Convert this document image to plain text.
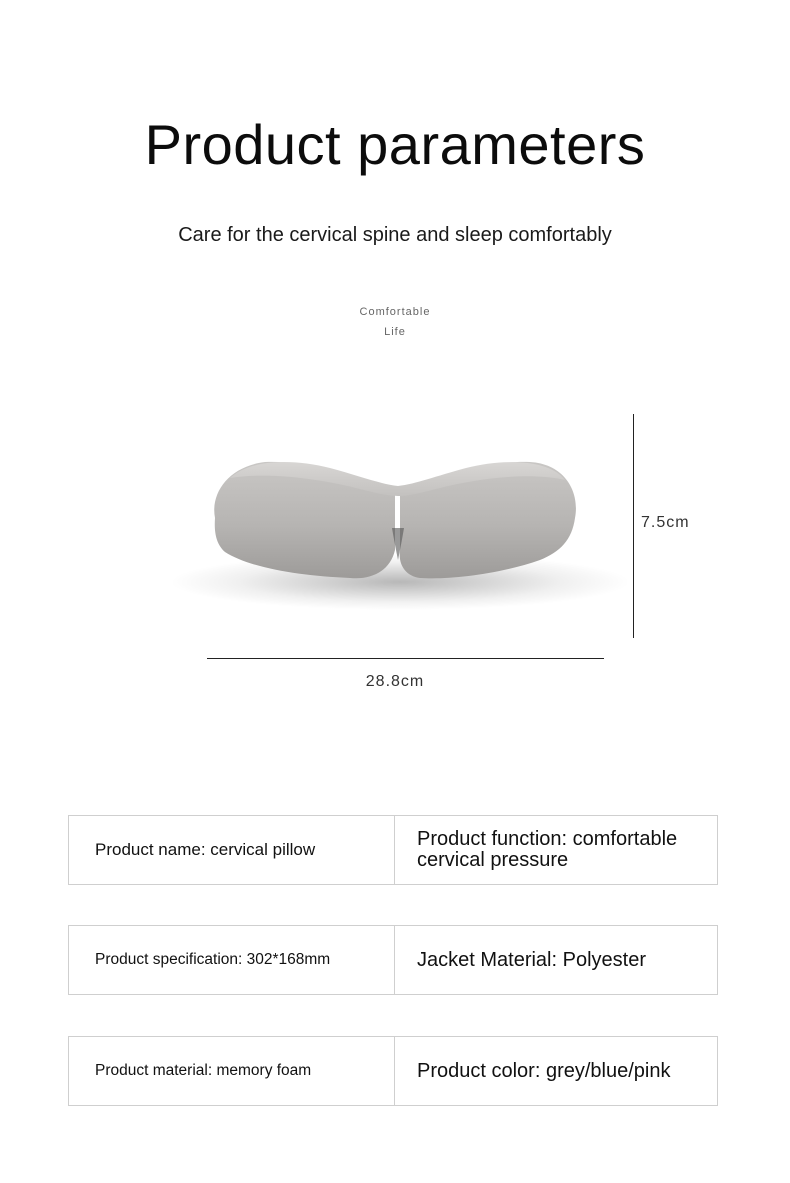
Product parameters

Care for the cervical spine and sleep comfortably

Comfortable
Life
7.5cm
28.8cm
Product name: cervical pillow	Product function: comfortable cervical pressure
Product specification: 302*168mm	Jacket Material: Polyester
Product material: memory foam	Product color: grey/blue/pink
